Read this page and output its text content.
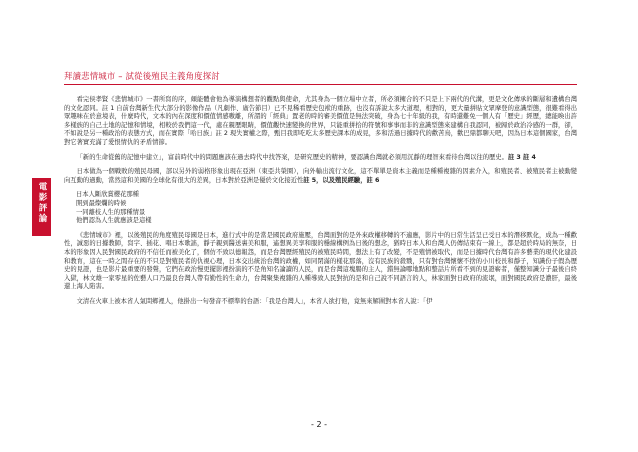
拜讀悲情城市 – 試從後殖民主義角度探討
電影評論

看完侯孝賢《悲情城市》一書所寫的序，頗能體會他為導演構想者的觀點與使命，尤其身為一個立場中立者，所必須擁合的不只是上下兩代的代溝，更是文化傳承的斷層和遺構台灣的文化認同。註 1 自前台灣新生代大部分的影像作品（凡劇作、廣告節目）已不見稀看歷史包袱的重跡，也沒有訴說太多大道理，相對的，更大量拼貼文眾摩登的意識型態，很難看得出眾趣味在於意境表，什麼時代，文本的內在深度和價值情感嗷離，所謂的「經典」置老的時的審美價值是無法突破，身為七十年級的我，有時還難免一個人有「歷史」經歷，總能喚出許多樣族的自己土地的記憶和情境，相較於我們這一代，處在親歷眼睛，價值觀快速變換的世界，只能重拼拾的符號和事事而非的意識型態來建構自我認同，被歸於政治冷感的一群，卻，不如說是另一種政治的表態方式，而在實際「哈日族」註 2 現失實權之際，甄目我即吃吃太多歷史課本的成見，多和活過日據時代的歡苦鳥，歡巴鼎都聊天吧，因為日本這個國家，台灣對它著實充滿了愛恨情仇的矛盾情節。

「新的生命從舊的記憶中建立」，富前時代中的問題應該在過去時代中找答案，是研究歷史的精神，要認識台灣就必須用沉靜的理智來看待台灣以往的歷史。註 3 註 4

日本做為一個戰敗的殖民母國，部以另外的弱格形象出現在亞洲（東亞共榮圈），向外輸出流行文化，這不單單是資本主義而是種種複雜的因素介入，和殖民者、被殖民者主被動變向互動的過動，當然這和美國的全球化有很大的差異，日本對於亞洲是優於文化接近性註 5，以及殖民經驗，註 6

日本人斷欣賞櫻花那種
開到最燦爛的時候
一同離枝人生的那種情景
他們認為人生就應該是這樣

《悲情城市》裡，以後殖民的角度殖民母國是日本，進行式中的是當是國民政府施壓，台灣面對的是外來政權移轉的不適應，影片中的日常生活呈已受日本的潛移默化，成為一種歡性，誠惡的日據教師，寫字、插花、唱日本歌謠，靜子親到醫送裏美和服，遙想異美享和服的穩線構例為日後的想念，猶時日本人和台灣人仍傳結束有一線上，都是超於時局的無奈，日本的形象因人民對國民政府的不信任而被美化了，個仿不致以德報怨，而是台灣歷經殖民的被殖民時間，想法上有了改變，不是殖情被取代，而是日據時代台灣有許多藝業的現代化建設和教育，這在一時之間存在的不只是對殖民者的仇視心理，日本交出統治台灣的政權，如同閉滿的樣花那落，沒有民族的殺戮，只有對台灣懷懷不捨的小川校長和靜子，知識份子假為歷史的見證，也是影片最重要的發聲，它們在政治慢更擺影裡扮演的不是角知名論讀的人民，而是台灣這塊腸的主人，錯無論哪地點和整話片所看不到的見證嶄者，僅整知識分子最後自終入獄，林文雄一家零星的佐藝人口乃最良台灣人帶有勤性的生命力，台灣聚集複雜的人種導致人民對抗的是和自己說不同語言的人，林家面對日政府的流氓，面對國民政府是濃肝，最後還上海人陷害。

文清在火車上被本省人氣問鄉裡人，他掛出一句發音不標準的台語：「我是台灣人」，本省人欲打他，竟無來解圍對本省人說：「伊

- 2 -
